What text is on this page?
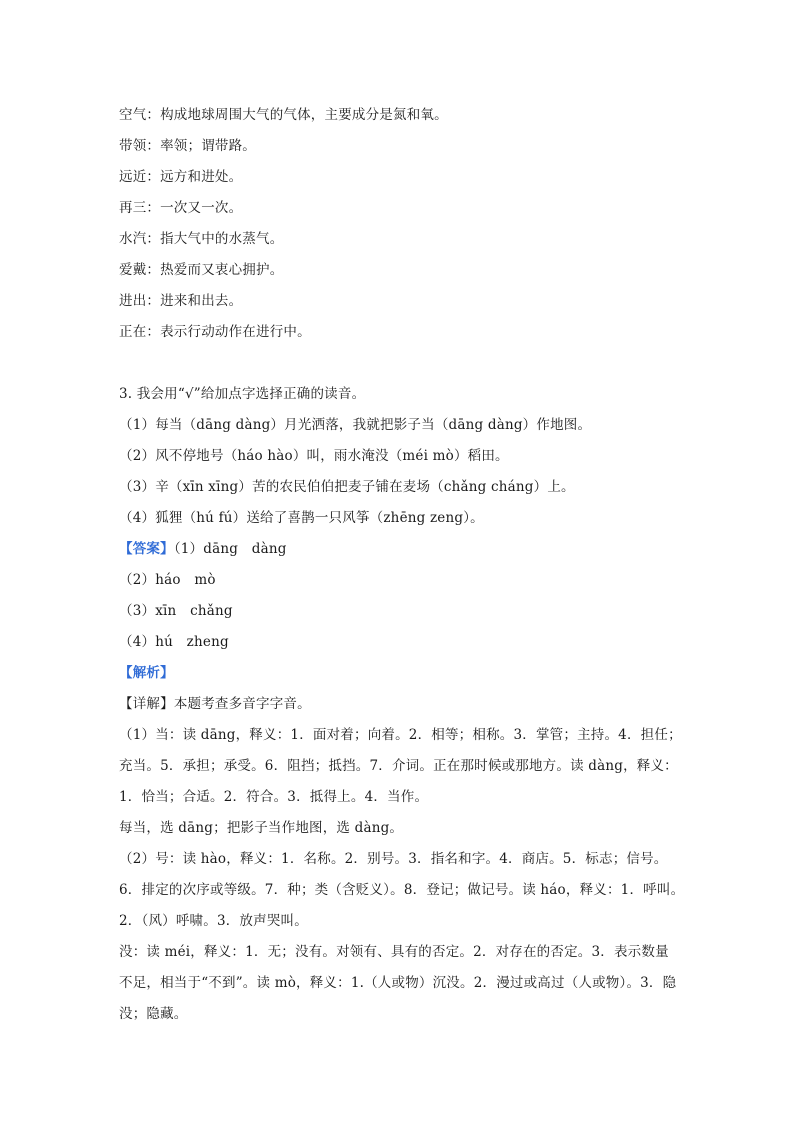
空气：构成地球周围大气的气体，主要成分是氮和氧。
带领：率领；谓带路。
远近：远方和进处。
再三：一次又一次。
水汽：指大气中的水蒸气。
爱戴：热爱而又衷心拥护。
进出：进来和出去。
正在：表示行动动作在进行中。
3. 我会用“√”给加点字选择正确的读音。
（1）每当（dāng dàng）月光洒落，我就把影子当（dāng dàng）作地图。
（2）风不停地号（háo hào）叫，雨水淹没（méi mò）稻田。
（3）辛（xīn xīng）苦的农民伯伯把麦子铺在麦场（chǎng cháng）上。
（4）狐狸（hú fú）送给了喜鹊一只风筝（zhēng zeng）。
【答案】（1）dāng　dàng
（2）háo　mò
（3）xīn　chǎng
（4）hú　zheng
【解析】
【详解】本题考查多音字字音。
（1）当：读 dāng，释义：1．面对着；向着。2．相等；相称。3．掌管；主持。4．担任；
充当。5．承担；承受。6．阻挡；抵挡。7．介词。正在那时候或那地方。读 dàng，释义：
1．恰当；合适。2．符合。3．抵得上。4．当作。
每当，选 dāng；把影子当作地图，选 dàng。
（2）号：读 hào，释义：1．名称。2．别号。3．指名和字。4．商店。5．标志；信号。
6．排定的次序或等级。7．种；类（含贬义）。8．登记；做记号。读 háo，释义：1．呼叫。
2．（风）呼啸。3．放声哭叫。
没：读 méi，释义：1．无；没有。对领有、具有的否定。2．对存在的否定。3．表示数量
不足，相当于“不到”。读 mò，释义：1.（人或物）沉没。2．漫过或高过（人或物）。3．隐
没；隐藏。
